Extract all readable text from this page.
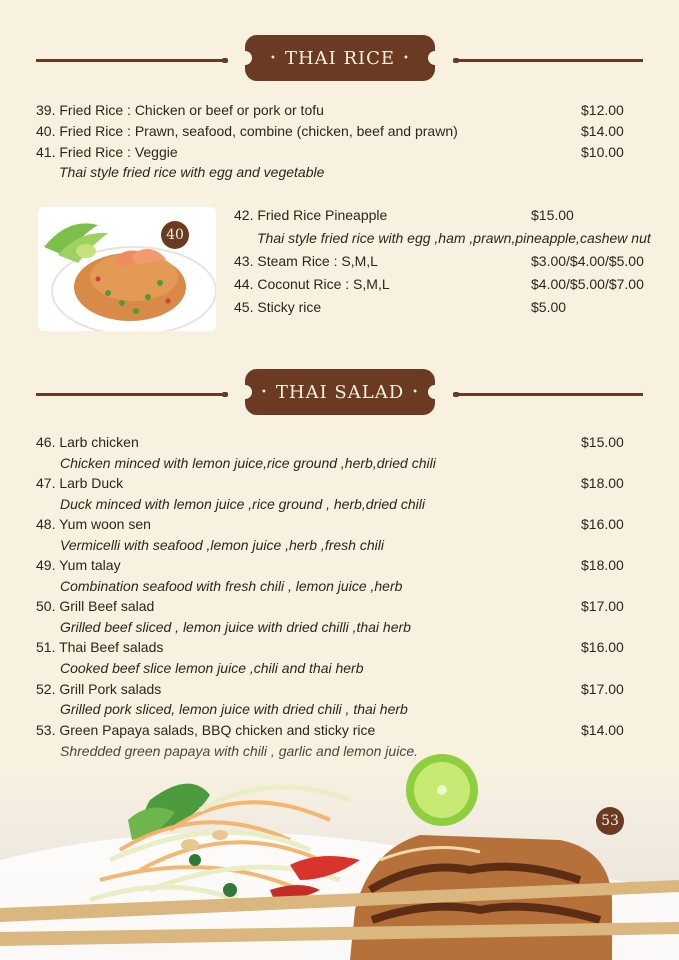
• THAI RICE •
39. Fried Rice : Chicken or beef or pork or tofu	$12.00
40. Fried Rice : Prawn, seafood, combine (chicken, beef and prawn)	$14.00
41. Fried Rice : Veggie	$10.00
Thai style fried rice with egg and vegetable
40
42. Fried Rice Pineapple	$15.00
Thai style fried rice with egg ,ham ,prawn,pineapple,cashew nut
43. Steam Rice : S,M,L	$3.00/$4.00/$5.00
44. Coconut Rice : S,M,L	$4.00/$5.00/$7.00
45. Sticky rice	$5.00
• THAI SALAD •
46. Larb chicken	$15.00
Chicken minced with lemon juice,rice ground ,herb,dried chili
47. Larb Duck	$18.00
Duck minced with lemon juice ,rice ground , herb,dried chili
48. Yum woon sen	$16.00
Vermicelli with seafood ,lemon juice ,herb ,fresh chili
49. Yum talay	$18.00
Combination seafood with fresh chili , lemon juice ,herb
50. Grill Beef salad	$17.00
Grilled beef sliced , lemon juice with dried chilli ,thai herb
51. Thai Beef salads	$16.00
Cooked beef slice lemon juice ,chili and thai herb
52. Grill Pork salads	$17.00
Grilled pork sliced, lemon juice with dried chili , thai herb
53. Green Papaya salads, BBQ chicken and sticky rice	$14.00
53
